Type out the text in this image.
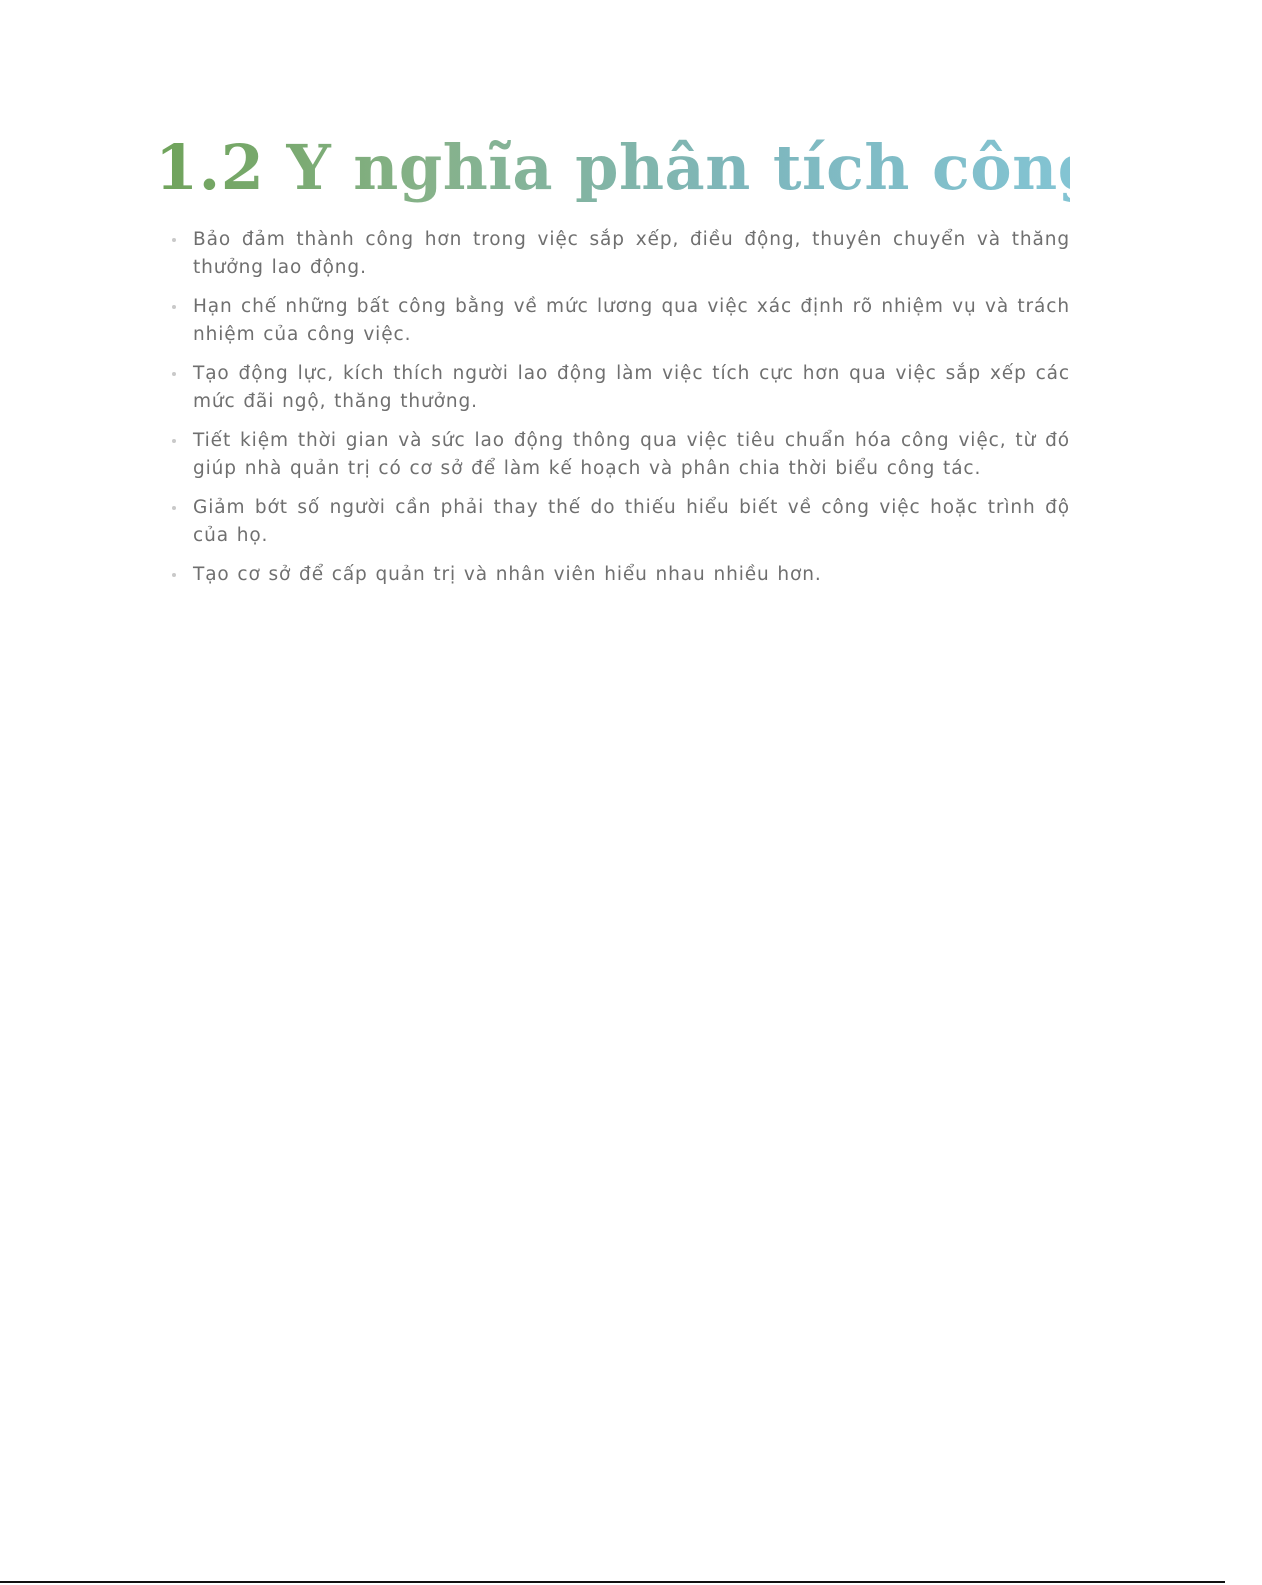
1.2 Y nghĩa phân tích công việc
Bảo đảm thành công hơn trong việc sắp xếp, điều động, thuyên chuyển và thăng thưởng lao động.
Hạn chế những bất công bằng về mức lương qua việc xác định rõ nhiệm vụ và trách nhiệm của công việc.
Tạo động lực, kích thích người lao động làm việc tích cực hơn qua việc sắp xếp các mức đãi ngộ, thăng thưởng.
Tiết kiệm thời gian và sức lao động thông qua việc tiêu chuẩn hóa công việc, từ đó giúp nhà quản trị có cơ sở để làm kế hoạch và phân chia thời biểu công tác.
Giảm bớt số người cần phải thay thế do thiếu hiểu biết về công việc hoặc trình độ của họ.
Tạo cơ sở để cấp quản trị và nhân viên hiểu nhau nhiều hơn.
